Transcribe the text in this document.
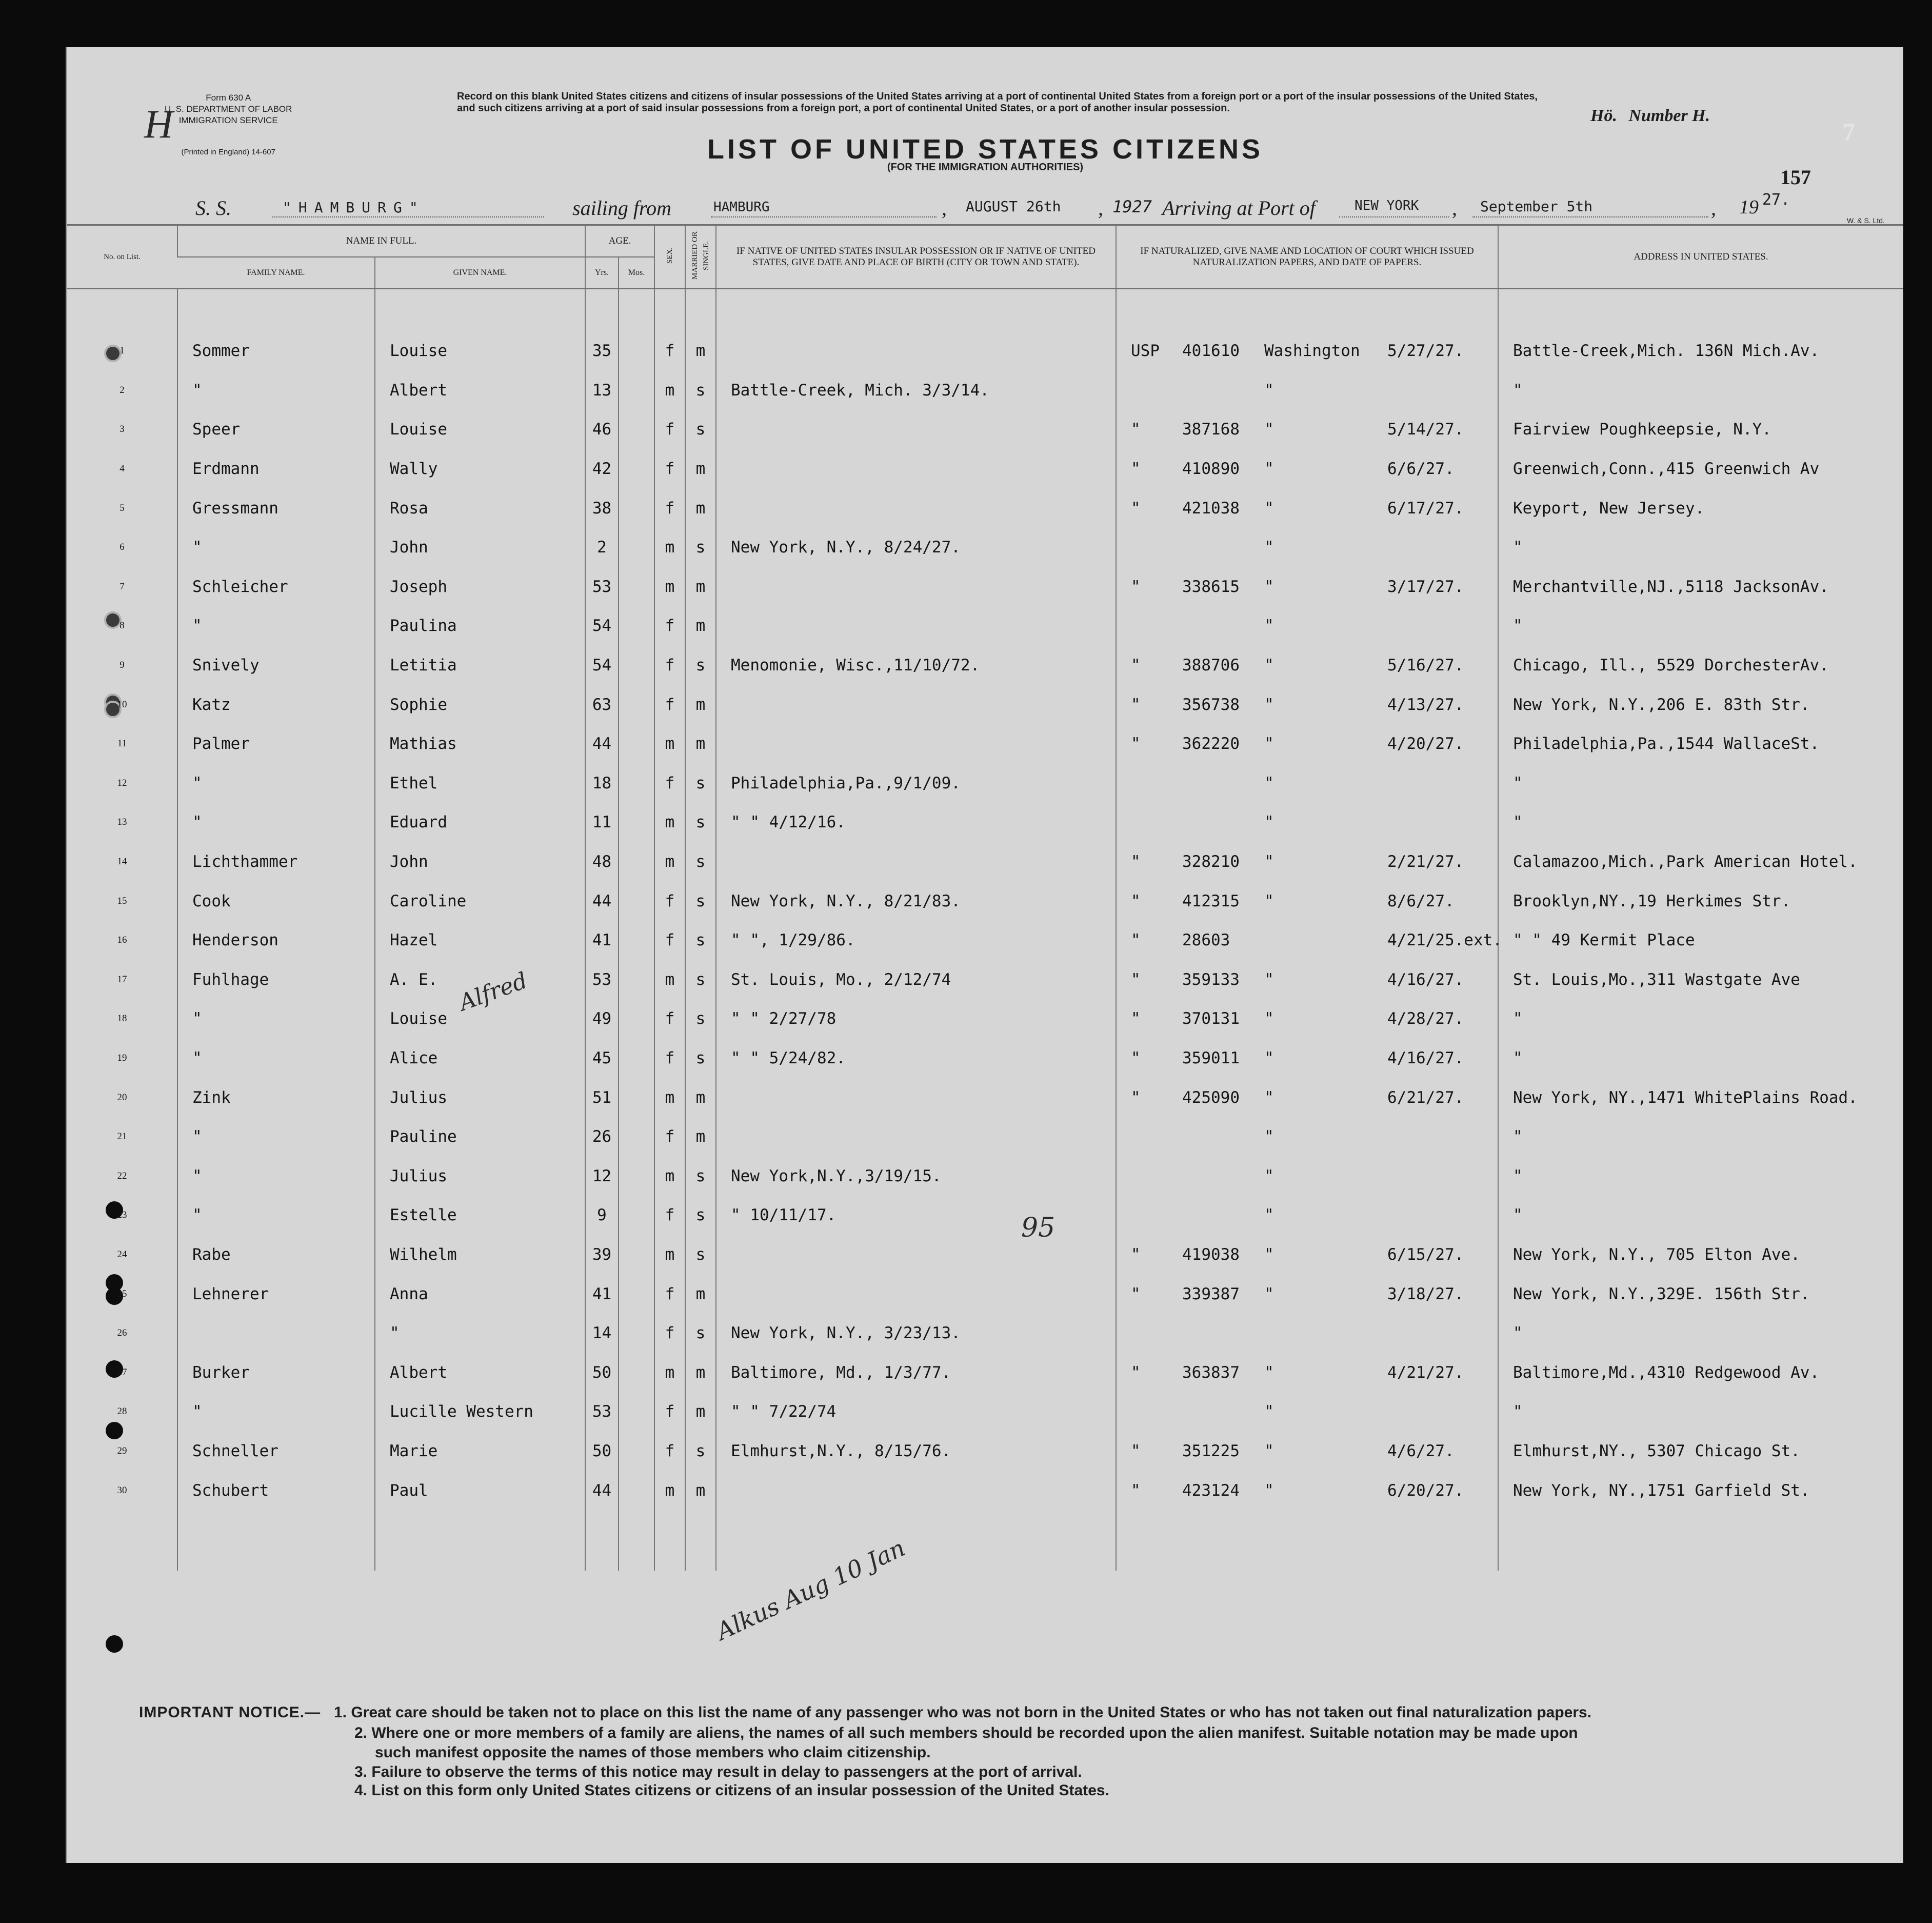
Form 630 A
U. S. DEPARTMENT OF LABOR
IMMIGRATION SERVICE
(Printed in England) 14-607
H
Record on this blank United States citizens and citizens of insular possessions of the United States arriving at a port of continental United States from a foreign port or a port of the insular possessions of the United States, and such citizens arriving at a port of said insular possessions from a foreign port, a port of continental United States, or a port of another insular possession.	Hö. Number H.
LIST OF UNITED STATES CITIZENS
(FOR THE IMMIGRATION AUTHORITIES)	157
W. & S. Ltd.
S. S.	"HAMBURG"	sailing from	HAMBURG	, AUGUST 26th , 1927 Arriving at Port of	NEW YORK , September 5th	, 19 27.
No. on List.	NAME IN FULL.		AGE.		SEX.	MARRIED OR SINGLE.	IF NATIVE OF UNITED STATES INSULAR POSSESSION OR IF NATIVE OF UNITED STATES, GIVE DATE AND PLACE OF BIRTH (CITY OR TOWN AND STATE).	IF NATURALIZED, GIVE NAME AND LOCATION OF COURT WHICH ISSUED NATURALIZATION PAPERS, AND DATE OF PAPERS.	ADDRESS IN UNITED STATES.
	FAMILY NAME.	GIVEN NAME.	Yrs.	Mos.					

1	Sommer	Louise	35		f	m		USP 401610 Washington 5/27/27.	Battle-Creek,Mich. 136N Mich.Av.
2	"	Albert	13		m	s	Battle-Creek, Mich. 3/3/14.	"	"
3	Speer	Louise	46		f	s		" 387168 " 5/14/27.	Fairview Poughkeepsie, N.Y.
4	Erdmann	Wally	42		f	m		" 410890 " 6/6/27.	Greenwich,Conn.,415 Greenwich Av
5	Gressmann	Rosa	38		f	m		" 421038 " 6/17/27.	Keyport, New Jersey.
6	"	John	2		m	s	New York, N.Y., 8/24/27.	"	"
7	Schleicher	Joseph	53		m	m		" 338615 " 3/17/27.	Merchantville,NJ.,5118 JacksonAv.
8	"	Paulina	54		f	m		"	"
9	Snively	Letitia	54		f	s	Menomonie, Wisc.,11/10/72.	" 388706 " 5/16/27.	Chicago, Ill., 5529 DorchesterAv.
10	Katz	Sophie	63		f	m		" 356738 " 4/13/27.	New York, N.Y.,206 E. 83th Str.
11	Palmer	Mathias	44		m	m		" 362220 " 4/20/27.	Philadelphia,Pa.,1544 WallaceSt.
12	"	Ethel	18		f	s	Philadelphia,Pa.,9/1/09.	"	"
13	"	Eduard	11		m	s	" " 4/12/16.	"	"
14	Lichthammer	John	48		m	s		" 328210 " 2/21/27.	Calamazoo,Mich.,Park American Hotel.
15	Cook	Caroline	44		f	s	New York, N.Y., 8/21/83.	" 412315 " 8/6/27.	Brooklyn,NY.,19 Herkimes Str.
16	Henderson	Hazel	41		f	s	" ", 1/29/86.	" 28603 4/21/25.ext.	" " 49 Kermit Place
17	Fuhlhage	A. E.	53		m	s	St. Louis, Mo., 2/12/74	" 359133 " 4/16/27.	St. Louis,Mo.,311 Wastgate Ave
18	"	Louise	49		f	s	" " 2/27/78	" 370131 " 4/28/27.	"
19	"	Alice	45		f	s	" " 5/24/82.	" 359011 " 4/16/27.	"
20	Zink	Julius	51		m	m		" 425090 " 6/21/27.	New York, NY.,1471 WhitePlains Road.
21	"	Pauline	26		f	m		"	"
22	"	Julius	12		m	s	New York,N.Y.,3/19/15.	"	"
23	"	Estelle	9		f	s	" 10/11/17.	"	"
24	Rabe	Wilhelm	39		m	s		" 419038 " 6/15/27.	New York, N.Y., 705 Elton Ave.
25	Lehnerer	Anna	41		f	m		" 339387 " 3/18/27.	New York, N.Y.,329E. 156th Str.
26		"	14		f	s	New York, N.Y., 3/23/13.		"
27	Burker	Albert	50		m	m	Baltimore, Md., 1/3/77.	" 363837 " 4/21/27.	Baltimore,Md.,4310 Redgewood Av.
28	"	Lucille Western	53		f	m	" " 7/22/74	"	"
29	Schneller	Marie	50		f	s	Elmhurst,N.Y., 8/15/76.	" 351225 " 4/6/27.	Elmhurst,NY., 5307 Chicago St.
30	Schubert	Paul	44		m	m		" 423124 " 6/20/27.	New York, NY.,1751 Garfield St.

Alfred
95
Alkus Aug 10 Jan
IMPORTANT NOTICE.— 1. Great care should be taken not to place on this list the name of any passenger who was not born in the United States or who has not taken out final naturalization papers.
2. Where one or more members of a family are aliens, the names of all such members should be recorded upon the alien manifest. Suitable notation may be made upon
such manifest opposite the names of those members who claim citizenship.
3. Failure to observe the terms of this notice may result in delay to passengers at the port of arrival.
4. List on this form only United States citizens or citizens of an insular possession of the United States.
7
